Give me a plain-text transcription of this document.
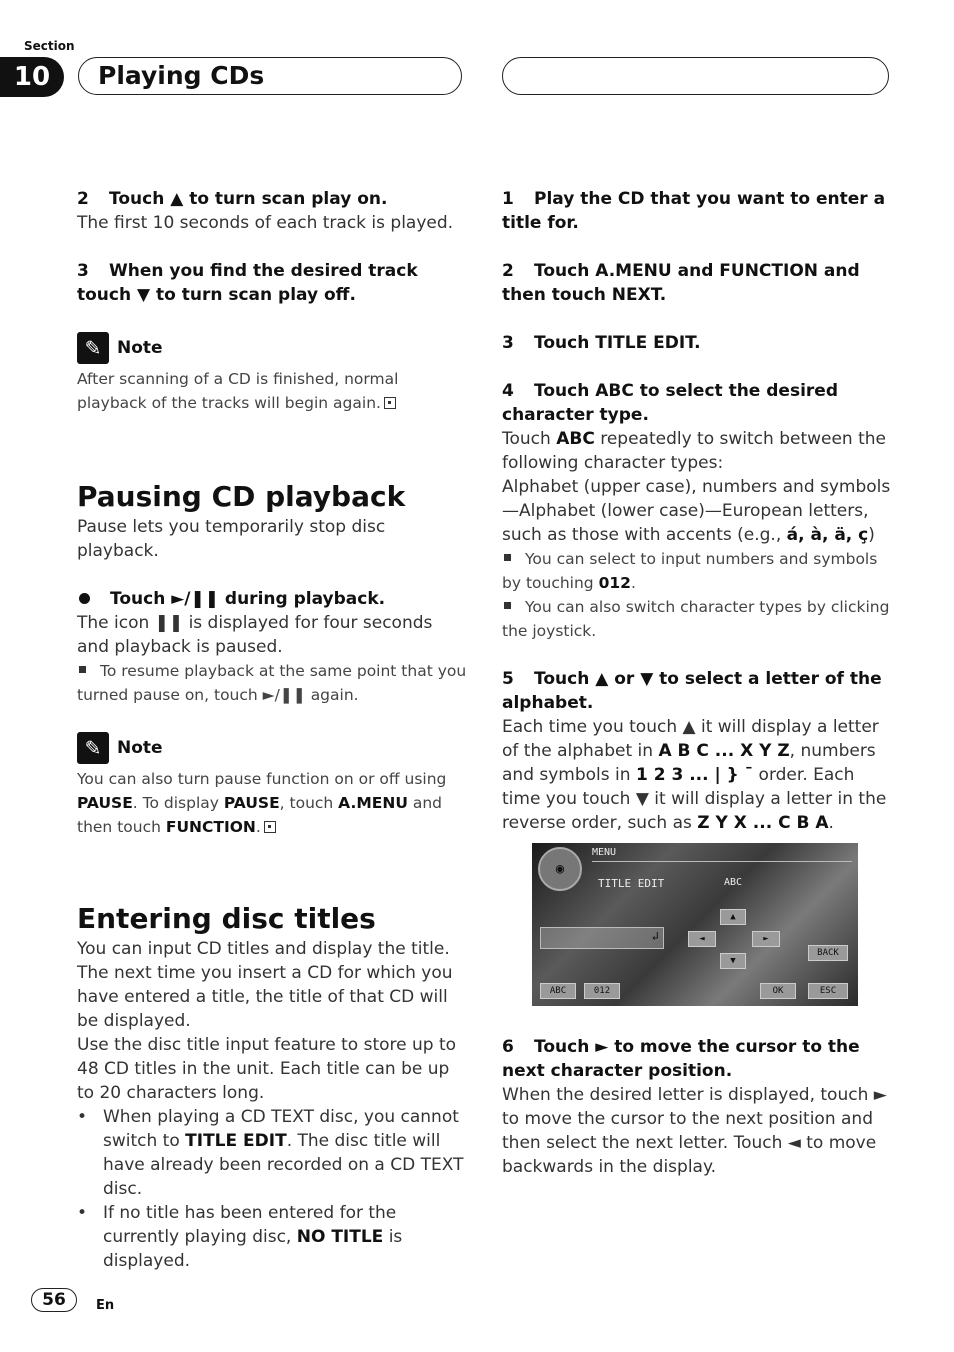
Section
10	Playing CDs

2 Touch ▲ to turn scan play on.

The first 10 seconds of each track is played.

3 When you find the desired track touch ▼ to turn scan play off.

✎ Note

After scanning of a CD is finished, normal playback of the tracks will begin again.

Pausing CD playback

Pause lets you temporarily stop disc playback.

Touch ►/❚❚ during playback.

The icon ❚❚ is displayed for four seconds and playback is paused.

To resume playback at the same point that you turned pause on, touch ►/❚❚ again.

✎ Note

You can also turn pause function on or off using PAUSE. To display PAUSE, touch A.MENU and then touch FUNCTION.

Entering disc titles

You can input CD titles and display the title. The next time you insert a CD for which you have entered a title, the title of that CD will be displayed.

Use the disc title input feature to store up to 48 CD titles in the unit. Each title can be up to 20 characters long.

• When playing a CD TEXT disc, you cannot switch to TITLE EDIT. The disc title will have already been recorded on a CD TEXT disc.
• If no title has been entered for the currently playing disc, NO TITLE is displayed.

1 Play the CD that you want to enter a title for.

2 Touch A.MENU and FUNCTION and then touch NEXT.

3 Touch TITLE EDIT.

4 Touch ABC to select the desired character type.

Touch ABC repeatedly to switch between the following character types:

Alphabet (upper case), numbers and symbols—Alphabet (lower case)—European letters, such as those with accents (e.g., á, à, ä, ç)

You can select to input numbers and symbols by touching 012.

You can also switch character types by clicking the joystick.

5 Touch ▲ or ▼ to select a letter of the alphabet.

Each time you touch ▲ it will display a letter of the alphabet in A B C ... X Y Z, numbers and symbols in 1 2 3 ... | } ¯ order. Each time you touch ▼ it will display a letter in the reverse order, such as Z Y X ... C B A.

◉
MENU
TITLE EDIT	ABC
↲
▲
▼
◄	►
BACK
ABC	012	OK	ESC

6 Touch ► to move the cursor to the next character position.

When the desired letter is displayed, touch ► to move the cursor to the next position and then select the next letter. Touch ◄ to move backwards in the display.

56	En
